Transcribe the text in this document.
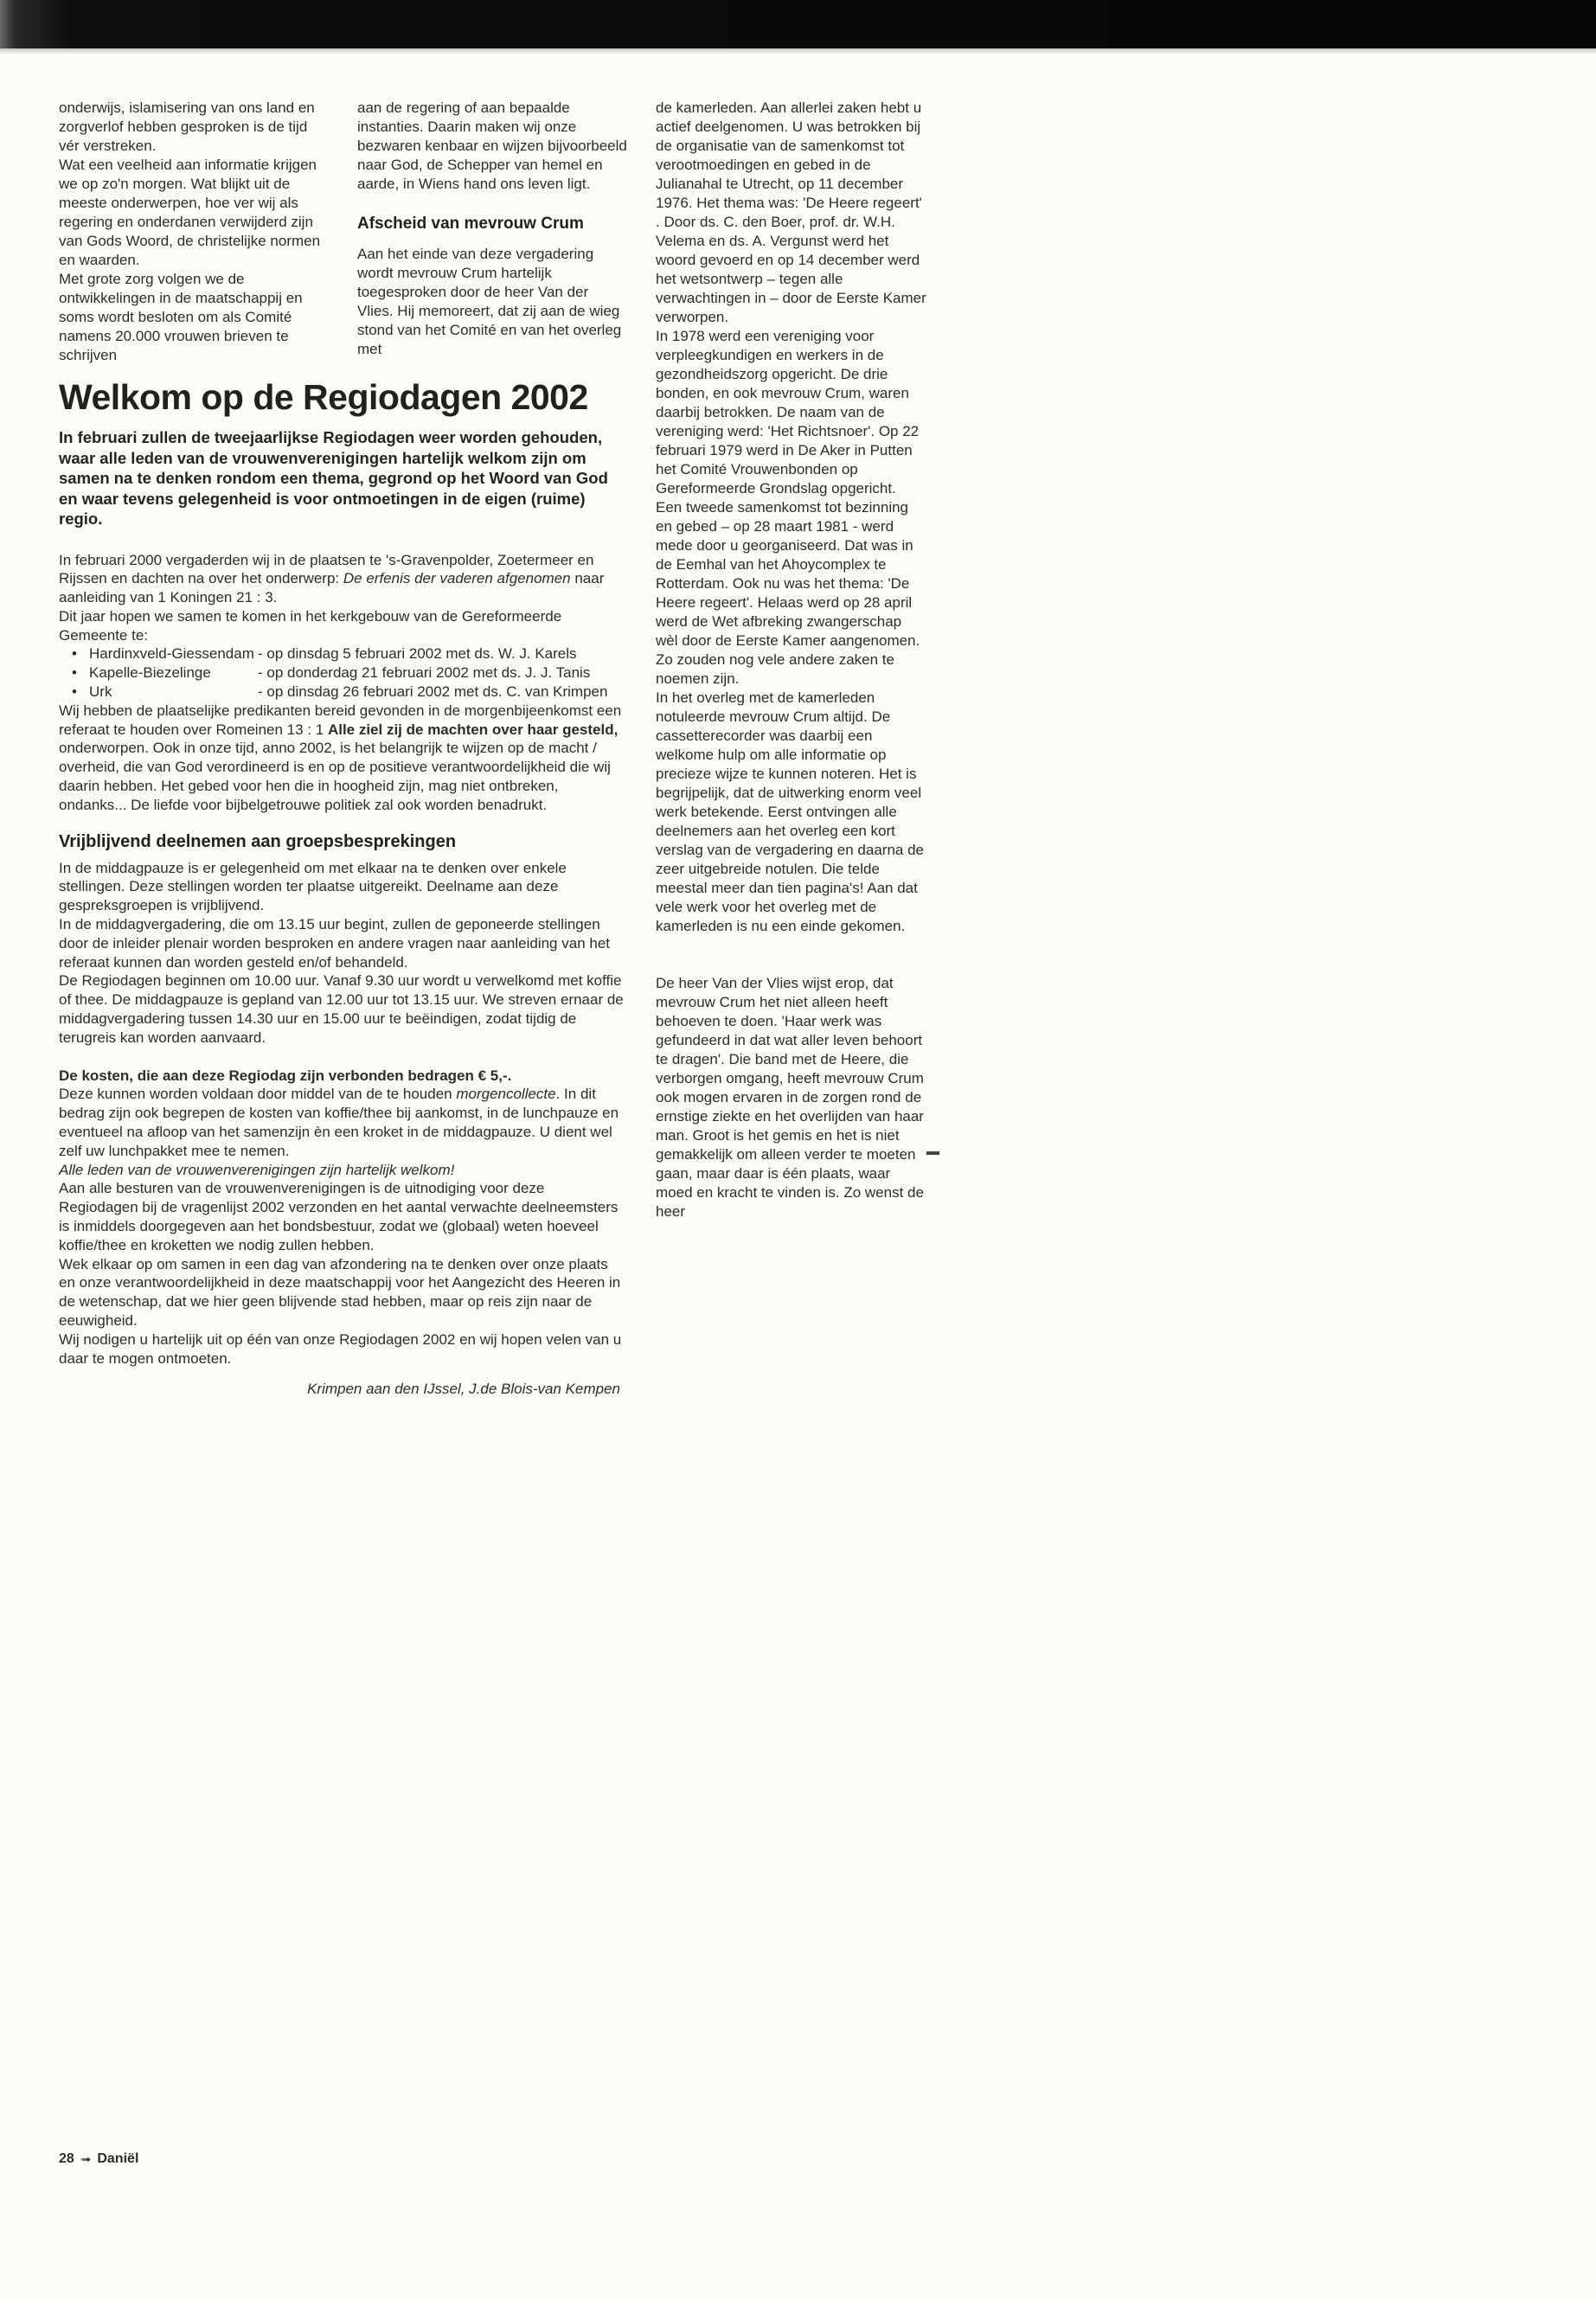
onderwijs, islamisering van ons land en zorgverlof hebben gesproken is de tijd vér verstreken.

Wat een veelheid aan informatie krijgen we op zo'n morgen. Wat blijkt uit de meeste onderwerpen, hoe ver wij als regering en onderdanen verwijderd zijn van Gods Woord, de christelijke normen en waarden.

Met grote zorg volgen we de ontwikkelingen in de maatschappij en soms wordt besloten om als Comité namens 20.000 vrouwen brieven te schrijven

aan de regering of aan bepaalde instanties. Daarin maken wij onze bezwaren kenbaar en wijzen bijvoorbeeld naar God, de Schepper van hemel en aarde, in Wiens hand ons leven ligt.

Afscheid van mevrouw Crum

Aan het einde van deze vergadering wordt mevrouw Crum hartelijk toegesproken door de heer Van der Vlies. Hij memoreert, dat zij aan de wieg stond van het Comité en van het overleg met

de kamerleden. Aan allerlei zaken hebt u actief deelgenomen. U was betrokken bij de organisatie van de samenkomst tot verootmoedingen en gebed in de Julianahal te Utrecht, op 11 december 1976. Het thema was: 'De Heere regeert' . Door ds. C. den Boer, prof. dr. W.H. Velema en ds. A. Vergunst werd het woord gevoerd en op 14 december werd het wetsontwerp – tegen alle verwachtingen in – door de Eerste Kamer verworpen.

In 1978 werd een vereniging voor verpleegkundigen en werkers in de gezondheidszorg opgericht. De drie bonden, en ook mevrouw Crum, waren daarbij betrokken. De naam van de vereniging werd: 'Het Richtsnoer'. Op 22 februari 1979 werd in De Aker in Putten het Comité Vrouwenbonden op Gereformeerde Grondslag opgericht.

Een tweede samenkomst tot bezinning en gebed – op 28 maart 1981 - werd mede door u georganiseerd. Dat was in de Eemhal van het Ahoycomplex te Rotterdam. Ook nu was het thema: 'De Heere regeert'. Helaas werd op 28 april werd de Wet afbreking zwangerschap wèl door de Eerste Kamer aangenomen. Zo zouden nog vele andere zaken te noemen zijn.

In het overleg met de kamerleden notuleerde mevrouw Crum altijd. De cassetterecorder was daarbij een welkome hulp om alle informatie op precieze wijze te kunnen noteren. Het is begrijpelijk, dat de uitwerking enorm veel werk betekende. Eerst ontvingen alle deelnemers aan het overleg een kort verslag van de vergadering en daarna de zeer uitgebreide notulen. Die telde meestal meer dan tien pagina's! Aan dat vele werk voor het overleg met de kamerleden is nu een einde gekomen.

De heer Van der Vlies wijst erop, dat mevrouw Crum het niet alleen heeft behoeven te doen. 'Haar werk was gefundeerd in dat wat aller leven behoort te dragen'. Die band met de Heere, die verborgen omgang, heeft mevrouw Crum ook mogen ervaren in de zorgen rond de ernstige ziekte en het overlijden van haar man. Groot is het gemis en het is niet gemakkelijk om alleen verder te moeten gaan, maar daar is één plaats, waar moed en kracht te vinden is. Zo wenst de heer

Welkom op de Regiodagen 2002

In februari zullen de tweejaarlijkse Regiodagen weer worden gehouden, waar alle leden van de vrouwenverenigingen hartelijk welkom zijn om samen na te denken rondom een thema, gegrond op het Woord van God en waar tevens gelegenheid is voor ontmoetingen in de eigen (ruime) regio.

In februari 2000 vergaderden wij in de plaatsen te 's-Gravenpolder, Zoetermeer en Rijssen en dachten na over het onderwerp: De erfenis der vaderen afgenomen naar aanleiding van 1 Koningen 21 : 3.

Dit jaar hopen we samen te komen in het kerkgebouw van de Gereformeerde Gemeente te:

• Hardinxveld-Giessendam - op dinsdag 5 februari 2002 met ds. W. J. Karels
• Kapelle-Biezelinge	- op donderdag 21 februari 2002 met ds. J. J. Tanis
• Urk	- op dinsdag 26 februari 2002 met ds. C. van Krimpen

Wij hebben de plaatselijke predikanten bereid gevonden in de morgenbijeenkomst een referaat te houden over Romeinen 13 : 1 Alle ziel zij de machten over haar gesteld, onderworpen. Ook in onze tijd, anno 2002, is het belangrijk te wijzen op de macht / overheid, die van God verordineerd is en op de positieve verantwoordelijkheid die wij daarin hebben. Het gebed voor hen die in hoogheid zijn, mag niet ontbreken, ondanks... De liefde voor bijbelgetrouwe politiek zal ook worden benadrukt.

Vrijblijvend deelnemen aan groepsbesprekingen

In de middagpauze is er gelegenheid om met elkaar na te denken over enkele stellingen. Deze stellingen worden ter plaatse uitgereikt. Deelname aan deze gespreksgroepen is vrijblijvend.

In de middagvergadering, die om 13.15 uur begint, zullen de geponeerde stellingen door de inleider plenair worden besproken en andere vragen naar aanleiding van het referaat kunnen dan worden gesteld en/of behandeld.

De Regiodagen beginnen om 10.00 uur. Vanaf 9.30 uur wordt u verwelkomd met koffie of thee. De middagpauze is gepland van 12.00 uur tot 13.15 uur. We streven ernaar de middagvergadering tussen 14.30 uur en 15.00 uur te beëindigen, zodat tijdig de terugreis kan worden aanvaard.

De kosten, die aan deze Regiodag zijn verbonden bedragen € 5,-.

Deze kunnen worden voldaan door middel van de te houden morgencollecte. In dit bedrag zijn ook begrepen de kosten van koffie/thee bij aankomst, in de lunchpauze en eventueel na afloop van het samenzijn èn een kroket in de middagpauze. U dient wel zelf uw lunchpakket mee te nemen.

Alle leden van de vrouwenverenigingen zijn hartelijk welkom!

Aan alle besturen van de vrouwenverenigingen is de uitnodiging voor deze Regiodagen bij de vragenlijst 2002 verzonden en het aantal verwachte deelneemsters is inmiddels doorgegeven aan het bondsbestuur, zodat we (globaal) weten hoeveel koffie/thee en kroketten we nodig zullen hebben.

Wek elkaar op om samen in een dag van afzondering na te denken over onze plaats en onze verantwoordelijkheid in deze maatschappij voor het Aangezicht des Heeren in de wetenschap, dat we hier geen blijvende stad hebben, maar op reis zijn naar de eeuwigheid.

Wij nodigen u hartelijk uit op één van onze Regiodagen 2002 en wij hopen velen van u daar te mogen ontmoeten.

Krimpen aan den IJssel, J.de Blois-van Kempen

28 ➟ Daniël
